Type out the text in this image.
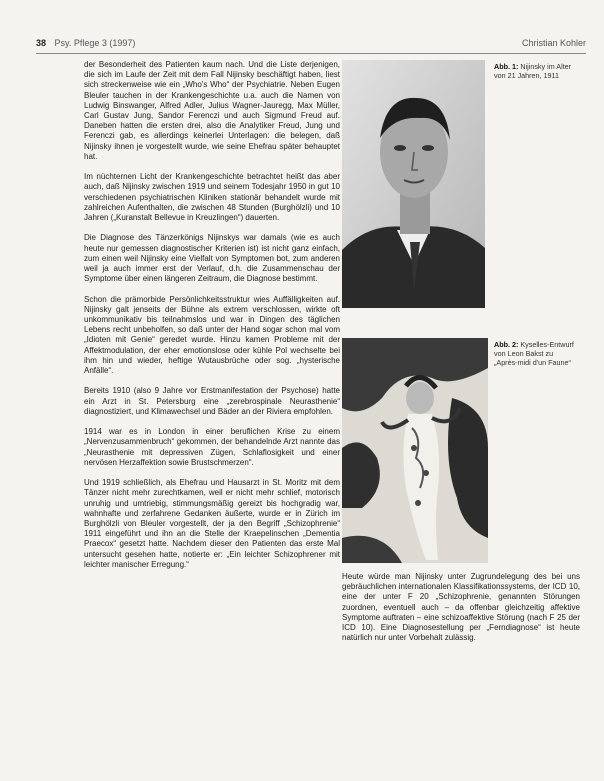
38 Psy. Pflege 3 (1997)	Christian Kohler

der Besonderheit des Patienten kaum nach. Und die Liste derjenigen, die sich im Laufe der Zeit mit dem Fall Nijinsky beschäftigt haben, liest sich streckenweise wie ein „Who's Who“ der Psychiatrie. Neben Eugen Bleuler tauchen in der Krankengeschichte u.a. auch die Namen von Ludwig Binswanger, Alfred Adler, Julius Wagner-Jauregg, Max Müller, Carl Gustav Jung, Sandor Ferenczi und auch Sigmund Freud auf. Daneben hatten die ersten drei, also die Analytiker Freud, Jung und Ferenczi gab, es allerdings keinerlei Unterlagen: die belegen, daß Nijinsky ihnen je vorgestellt wurde, wie seine Ehefrau später behauptet hat.

Im nüchternen Licht der Krankengeschichte betrachtet heißt das aber auch, daß Nijinsky zwischen 1919 und seinem Todesjahr 1950 in gut 10 verschiedenen psychiatrischen Kliniken stationär behandelt wurde mit zahlreichen Aufenthalten, die zwischen 48 Stunden (Burghölzli) und 10 Jahren („Kuranstalt Bellevue in Kreuzlingen“) dauerten.

Die Diagnose des Tänzerkönigs Nijinskys war damals (wie es auch heute nur gemessen diagnostischer Kriterien ist) ist nicht ganz einfach, zum einen weil Nijinsky eine Vielfalt von Symptomen bot, zum anderen weil ja auch immer erst der Verlauf, d.h. die Zusammenschau der Symptome über einen längeren Zeitraum, die Diagnose bestimmt.

Schon die prämorbide Persönlichkeitsstruktur wies Auffälligkeiten auf. Nijinsky galt jenseits der Bühne als extrem verschlossen, wirkte oft unkommunikativ bis teilnahmslos und war in Dingen des täglichen Lebens recht unbeholfen, so daß unter der Hand sogar schon mal vom „Idioten mit Genie“ geredet wurde. Hinzu kamen Probleme mit der Affektmodulation, der eher emotionslose oder kühle Pol wechselte bei ihm hin und wieder, heftige Wutausbrüche oder sog. „hysterische Anfälle“.

Bereits 1910 (also 9 Jahre vor Erstmanifestation der Psychose) hatte ein Arzt in St. Petersburg eine „zerebrospinale Neurasthenie“ diagnostiziert, und Klimawechsel und Bäder an der Riviera empfohlen.

1914 war es in London in einer beruflichen Krise zu einem „Nervenzusammenbruch“ gekommen, der behandelnde Arzt nannte das „Neurasthenie mit depressiven Zügen, Schlaflosigkeit und einer nervösen Herzaffektion sowie Brustschmerzen“.

Und 1919 schließlich, als Ehefrau und Hausarzt in St. Moritz mit dem Tänzer nicht mehr zurechtkamen, weil er nicht mehr schlief, motorisch unruhig und umtriebig, stimmungsmäßig gereizt bis hochgradig war, wahnhafte und zerfahrene Gedanken äußerte, wurde er in Zürich im Burghölzli von Bleuler vorgestellt, der ja den Begriff „Schizophrenie“ 1911 eingeführt und ihn an die Stelle der Kraepelinschen „Dementia Praecox“ gesetzt hatte. Nachdem dieser den Patienten das erste Mal untersucht gesehen hatte, notierte er: „Ein leichter Schizophrener mit leichter manischer Erregung.“

Abb. 1: Nijinsky im Alter von 21 Jahren, 1911
Abb. 2: Kyselles-Entwurf von Leon Bakst zu „Après-midi d'un Faune“

Heute würde man Nijinsky unter Zugrundelegung des bei uns gebräuchlichen internationalen Klassifikationssystems, der ICD 10, eine der unter F 20 „Schizophrenie, genannten Störungen zuordnen, eventuell auch – da offenbar gleichzeitig affektive Symptome auftraten – eine schizoaffektive Störung (nach F 25 der ICD 10). Eine Diagnosestellung per „Ferndiagnose“ ist heute natürlich nur unter Vorbehalt zulässig.
